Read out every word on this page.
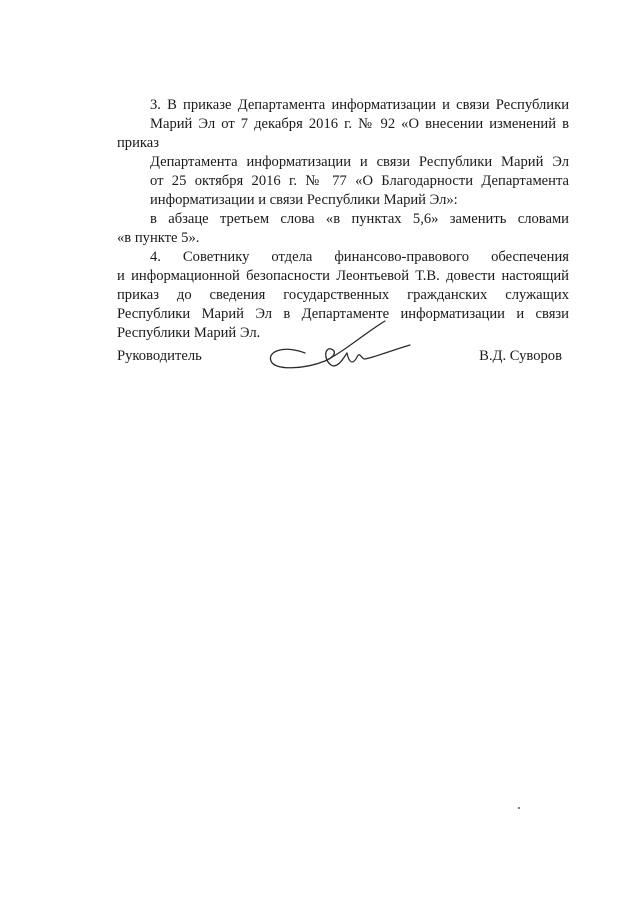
3. В приказе Департамента информатизации и связи Республики
Марий Эл от 7 декабря 2016 г. № 92 «О внесении изменений в приказ
Департамента информатизации и связи Республики Марий Эл
от 25 октября 2016 г. № 77 «О Благодарности Департамента
информатизации и связи Республики Марий Эл»:

в абзаце третьем слова «в пунктах 5,6» заменить словами
«в пункте 5».

4. Советнику отдела финансово-правового обеспечения
и информационной безопасности Леонтьевой Т.В. довести настоящий
приказ до сведения государственных гражданских служащих
Республики Марий Эл в Департаменте информатизации и связи
Республики Марий Эл.

Руководитель	В.Д. Суворов
